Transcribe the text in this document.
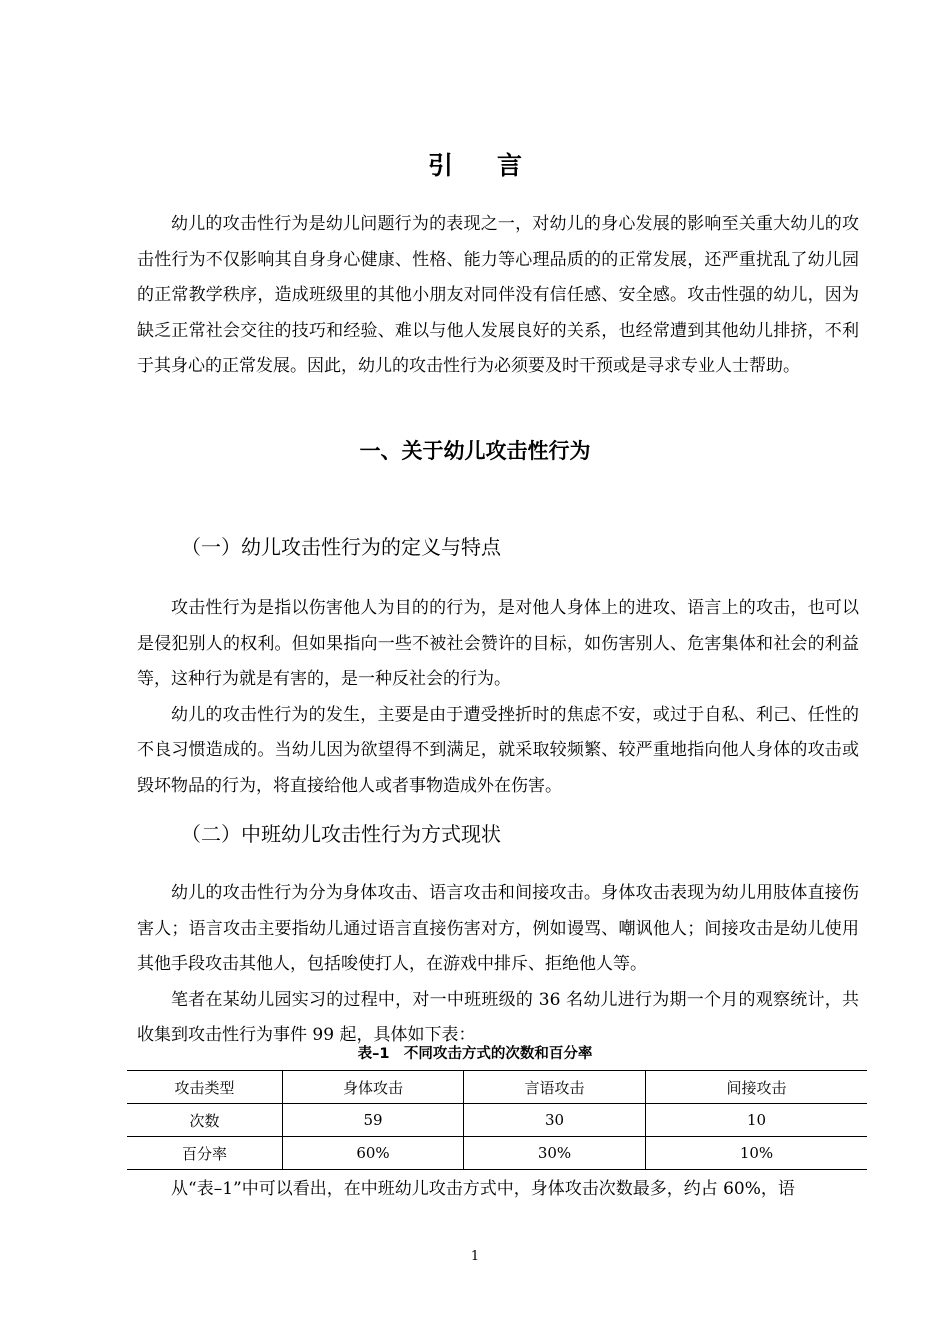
引言

幼儿的攻击性行为是幼儿问题行为的表现之一，对幼儿的身心发展的影响至关重大幼儿的攻击性行为不仅影响其自身身心健康、性格、能力等心理品质的的正常发展，还严重扰乱了幼儿园的正常教学秩序，造成班级里的其他小朋友对同伴没有信任感、安全感。攻击性强的幼儿，因为缺乏正常社会交往的技巧和经验、难以与他人发展良好的关系，也经常遭到其他幼儿排挤，不利于其身心的正常发展。因此，幼儿的攻击性行为必须要及时干预或是寻求专业人士帮助。

一、关于幼儿攻击性行为
（一）幼儿攻击性行为的定义与特点

攻击性行为是指以伤害他人为目的的行为，是对他人身体上的进攻、语言上的攻击，也可以是侵犯别人的权利。但如果指向一些不被社会赞许的目标，如伤害别人、危害集体和社会的利益等，这种行为就是有害的，是一种反社会的行为。

幼儿的攻击性行为的发生，主要是由于遭受挫折时的焦虑不安，或过于自私、利己、任性的不良习惯造成的。当幼儿因为欲望得不到满足，就采取较频繁、较严重地指向他人身体的攻击或毁坏物品的行为，将直接给他人或者事物造成外在伤害。

（二）中班幼儿攻击性行为方式现状

幼儿的攻击性行为分为身体攻击、语言攻击和间接攻击。身体攻击表现为幼儿用肢体直接伤害人；语言攻击主要指幼儿通过语言直接伤害对方，例如谩骂、嘲讽他人；间接攻击是幼儿使用其他手段攻击其他人，包括唆使打人，在游戏中排斥、拒绝他人等。

笔者在某幼儿园实习的过程中，对一中班班级的 36 名幼儿进行为期一个月的观察统计，共收集到攻击性行为事件 99 起，具体如下表：

表–1　不同攻击方式的次数和百分率
攻击类型	身体攻击	言语攻击	间接攻击
次数	59	30	10
百分率	60%	30%	10%

从“表–1”中可以看出，在中班幼儿攻击方式中，身体攻击次数最多，约占 60%，语

1
